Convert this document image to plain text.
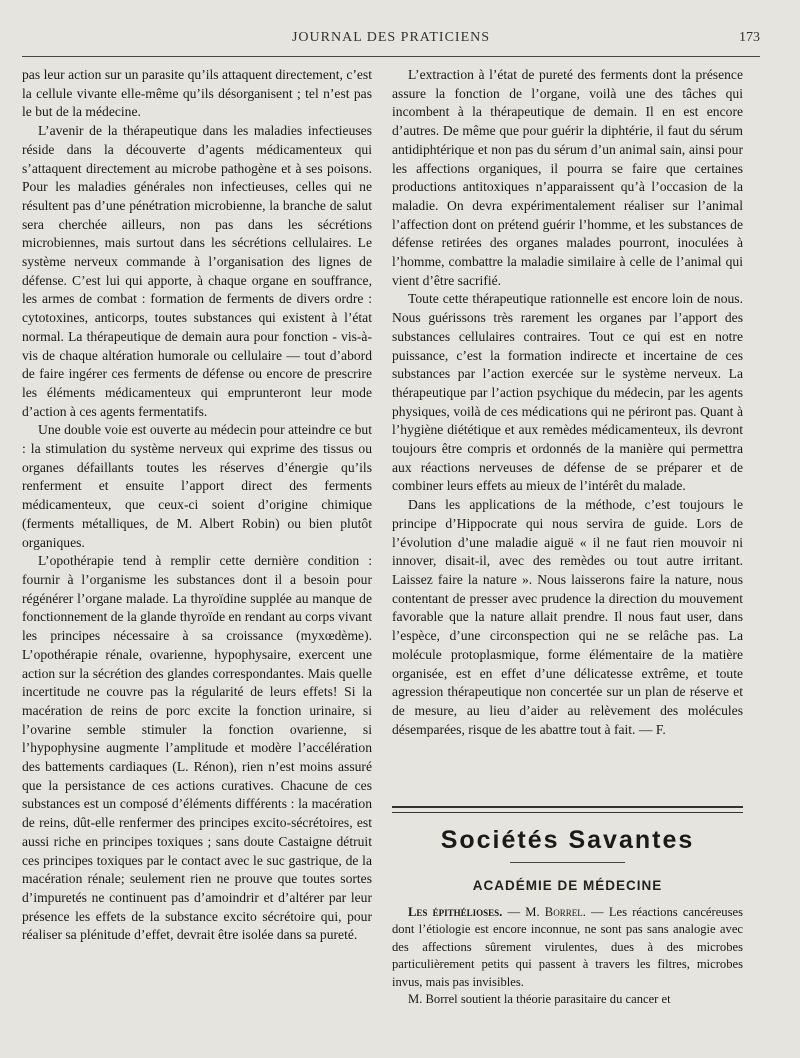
JOURNAL DES PRATICIENS	173

pas leur action sur un parasite qu’ils attaquent directement, c’est la cellule vivante elle-même qu’ils désorganisent ; tel n’est pas le but de la médecine.

L’avenir de la thérapeutique dans les maladies infectieuses réside dans la découverte d’agents médicamenteux qui s’attaquent directement au microbe pathogène et à ses poisons. Pour les maladies générales non infectieuses, celles qui ne résultent pas d’une pénétration microbienne, la branche de salut sera cherchée ailleurs, non pas dans les sécrétions microbiennes, mais surtout dans les sécrétions cellulaires. Le système nerveux commande à l’organisation des lignes de défense. C’est lui qui apporte, à chaque organe en souffrance, les armes de combat : formation de ferments de divers ordre : cytotoxines, anticorps, toutes substances qui existent à l’état normal. La thérapeutique de demain aura pour fonction - vis-à-vis de chaque altération humorale ou cellulaire — tout d’abord de faire ingérer ces ferments de défense ou encore de prescrire les éléments médicamenteux qui emprunteront leur mode d’action à ces agents fermentatifs.

Une double voie est ouverte au médecin pour atteindre ce but : la stimulation du système nerveux qui exprime des tissus ou organes défaillants toutes les réserves d’énergie qu’ils renferment et ensuite l’apport direct des ferments médicamenteux, que ceux-ci soient d’origine chimique (ferments métalliques, de M. Albert Robin) ou bien plutôt organiques.

L’opothérapie tend à remplir cette dernière condition : fournir à l’organisme les substances dont il a besoin pour régénérer l’organe malade. La thyroïdine supplée au manque de fonctionnement de la glande thyroïde en rendant au corps vivant les principes nécessaire à sa croissance (myxœdème). L’opothérapie rénale, ovarienne, hypophysaire, exercent une action sur la sécrétion des glandes correspondantes. Mais quelle incertitude ne couvre pas la régularité de leurs effets! Si la macération de reins de porc excite la fonction urinaire, si l’ovarine semble stimuler la fonction ovarienne, si l’hypophysine augmente l’amplitude et modère l’accélération des battements cardiaques (L. Rénon), rien n’est moins assuré que la persistance de ces actions curatives. Chacune de ces substances est un composé d’éléments différents : la macération de reins, dût-elle renfermer des principes excito-sécrétoires, est aussi riche en principes toxiques ; sans doute Castaigne détruit ces principes toxiques par le contact avec le suc gastrique, de la macération rénale; seulement rien ne prouve que toutes sortes d’impuretés ne continuent pas d’amoindrir et d’altérer par leur présence les effets de la substance excito sécrétoire qui, pour réaliser sa plénitude d’effet, devrait être isolée dans sa pureté.

L’extraction à l’état de pureté des ferments dont la présence assure la fonction de l’organe, voilà une des tâches qui incombent à la thérapeutique de demain. Il en est encore d’autres. De même que pour guérir la diphtérie, il faut du sérum antidiphtérique et non pas du sérum d’un animal sain, ainsi pour les affections organiques, il pourra se faire que certaines productions antitoxiques n’apparaissent qu’à l’occasion de la maladie. On devra expérimentalement réaliser sur l’animal l’affection dont on prétend guérir l’homme, et les substances de défense retirées des organes malades pourront, inoculées à l’homme, combattre la maladie similaire à celle de l’animal qui vient d’être sacrifié.

Toute cette thérapeutique rationnelle est encore loin de nous. Nous guérissons très rarement les organes par l’apport des substances cellulaires contraires. Tout ce qui est en notre puissance, c’est la formation indirecte et incertaine de ces substances par l’action exercée sur le système nerveux. La thérapeutique par l’action psychique du médecin, par les agents physiques, voilà de ces médications qui ne périront pas. Quant à l’hygiène diététique et aux remèdes médicamenteux, ils devront toujours être compris et ordonnés de la manière qui permettra aux réactions nerveuses de défense de se préparer et de combiner leurs effets au mieux de l’intérêt du malade.

Dans les applications de la méthode, c’est toujours le principe d’Hippocrate qui nous servira de guide. Lors de l’évolution d’une maladie aiguë « il ne faut rien mouvoir ni innover, disait-il, avec des remèdes ou tout autre irritant. Laissez faire la nature ». Nous laisserons faire la nature, nous contentant de presser avec prudence la direction du mouvement favorable que la nature allait prendre. Il nous faut user, dans l’espèce, d’une circonspection qui ne se relâche pas. La molécule protoplasmique, forme élémentaire de la matière organisée, est en effet d’une délicatesse extrême, et toute agression thérapeutique non concertée sur un plan de réserve et de mesure, au lieu d’aider au relèvement des molécules désemparées, risque de les abattre tout à fait. — F.

Sociétés Savantes
ACADÉMIE DE MÉDECINE

Les épithélioses. — M. Borrel. — Les réactions cancéreuses dont l’étiologie est encore inconnue, ne sont pas sans analogie avec des affections sûrement virulentes, dues à des microbes particulièrement petits qui passent à travers les filtres, microbes invus, mais pas invisibles.

M. Borrel soutient la théorie parasitaire du cancer et
